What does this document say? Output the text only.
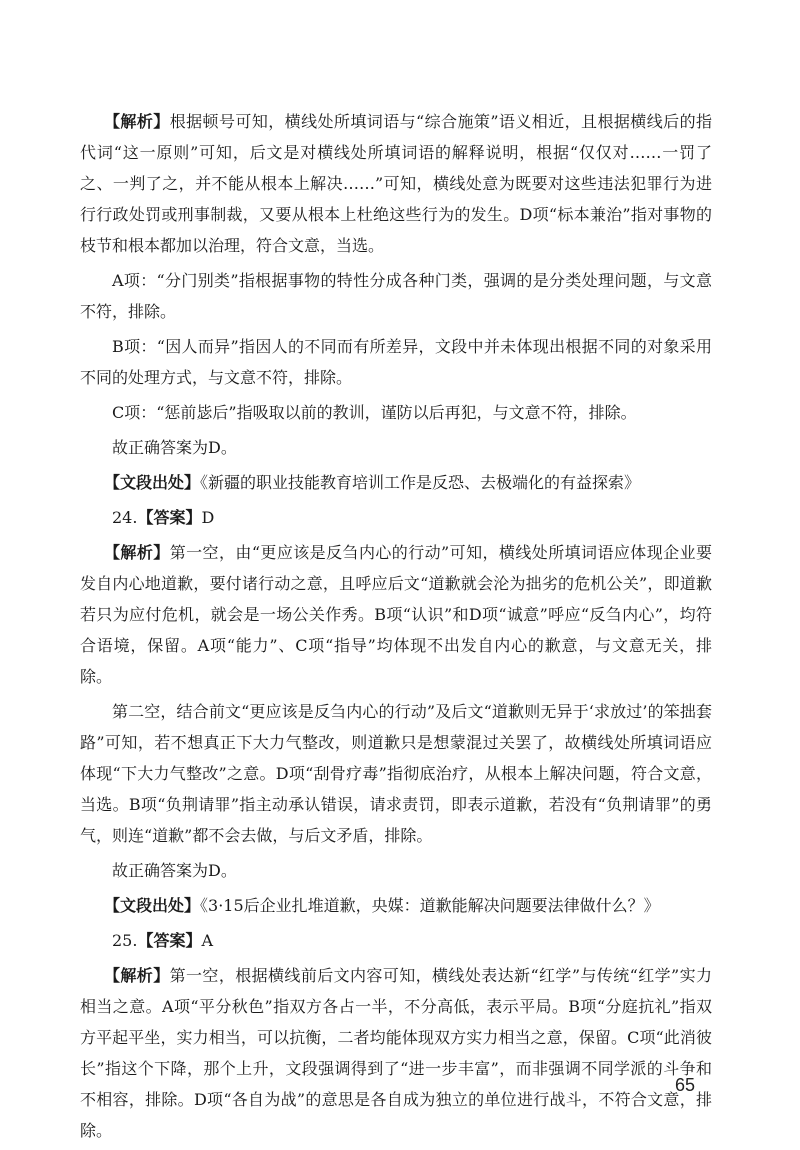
【解析】根据顿号可知，横线处所填词语与“综合施策”语义相近，且根据横线后的指代词“这一原则”可知，后文是对横线处所填词语的解释说明，根据“仅仅对……一罚了之、一判了之，并不能从根本上解决……”可知，横线处意为既要对这些违法犯罪行为进行行政处罚或刑事制裁，又要从根本上杜绝这些行为的发生。D项“标本兼治”指对事物的枝节和根本都加以治理，符合文意，当选。

A项：“分门别类”指根据事物的特性分成各种门类，强调的是分类处理问题，与文意不符，排除。

B项：“因人而异”指因人的不同而有所差异，文段中并未体现出根据不同的对象采用不同的处理方式，与文意不符，排除。

C项：“惩前毖后”指吸取以前的教训，谨防以后再犯，与文意不符，排除。

故正确答案为D。

【文段出处】《新疆的职业技能教育培训工作是反恐、去极端化的有益探索》

24.【答案】D

【解析】第一空，由“更应该是反刍内心的行动”可知，横线处所填词语应体现企业要发自内心地道歉，要付诸行动之意，且呼应后文“道歉就会沦为拙劣的危机公关”，即道歉若只为应付危机，就会是一场公关作秀。B项“认识”和D项“诚意”呼应“反刍内心”，均符合语境，保留。A项“能力”、C项“指导”均体现不出发自内心的歉意，与文意无关，排除。

第二空，结合前文“更应该是反刍内心的行动”及后文“道歉则无异于‘求放过’的笨拙套路”可知，若不想真正下大力气整改，则道歉只是想蒙混过关罢了，故横线处所填词语应体现“下大力气整改”之意。D项“刮骨疗毒”指彻底治疗，从根本上解决问题，符合文意，当选。B项“负荆请罪”指主动承认错误，请求责罚，即表示道歉，若没有“负荆请罪”的勇气，则连“道歉”都不会去做，与后文矛盾，排除。

故正确答案为D。

【文段出处】《3·15后企业扎堆道歉，央媒：道歉能解决问题要法律做什么？》

25.【答案】A

【解析】第一空，根据横线前后文内容可知，横线处表达新“红学”与传统“红学”实力相当之意。A项“平分秋色”指双方各占一半，不分高低，表示平局。B项“分庭抗礼”指双方平起平坐，实力相当，可以抗衡，二者均能体现双方实力相当之意，保留。C项“此消彼长”指这个下降，那个上升，文段强调得到了“进一步丰富”，而非强调不同学派的斗争和不相容，排除。D项“各自为战”的意思是各自成为独立的单位进行战斗，不符合文意，排除。

65
